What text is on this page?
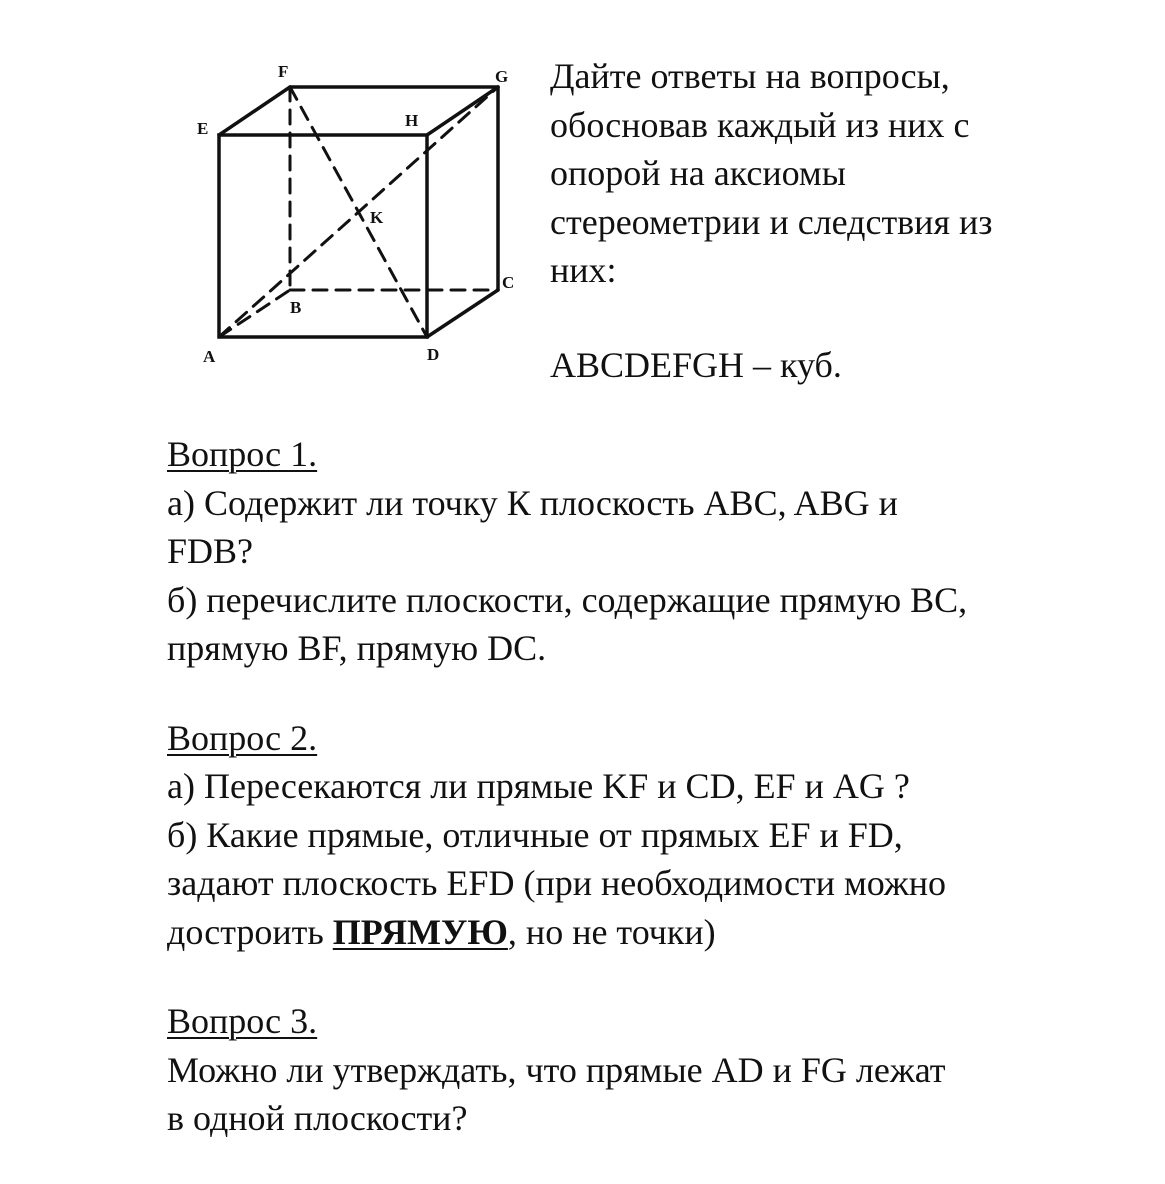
F	G
E	H
K
C
B
A	D
Дайте ответы на вопросы,
обосновав каждый из них с
опорой на аксиомы
стереометрии и следствия из
них:
ABCDEFGH – куб.
Вопрос 1.
а) Содержит ли точку К плоскость ABC, ABG и
FDB?
б) перечислите плоскости, содержащие прямую BC,
прямую BF, прямую DC.
Вопрос 2.
а) Пересекаются ли прямые KF и CD, EF и AG ?
б) Какие прямые, отличные от прямых EF и FD,
задают плоскость EFD (при необходимости можно
достроить ПРЯМУЮ, но не точки)
Вопрос 3.
Можно ли утверждать, что прямые AD и FG лежат
в одной плоскости?
